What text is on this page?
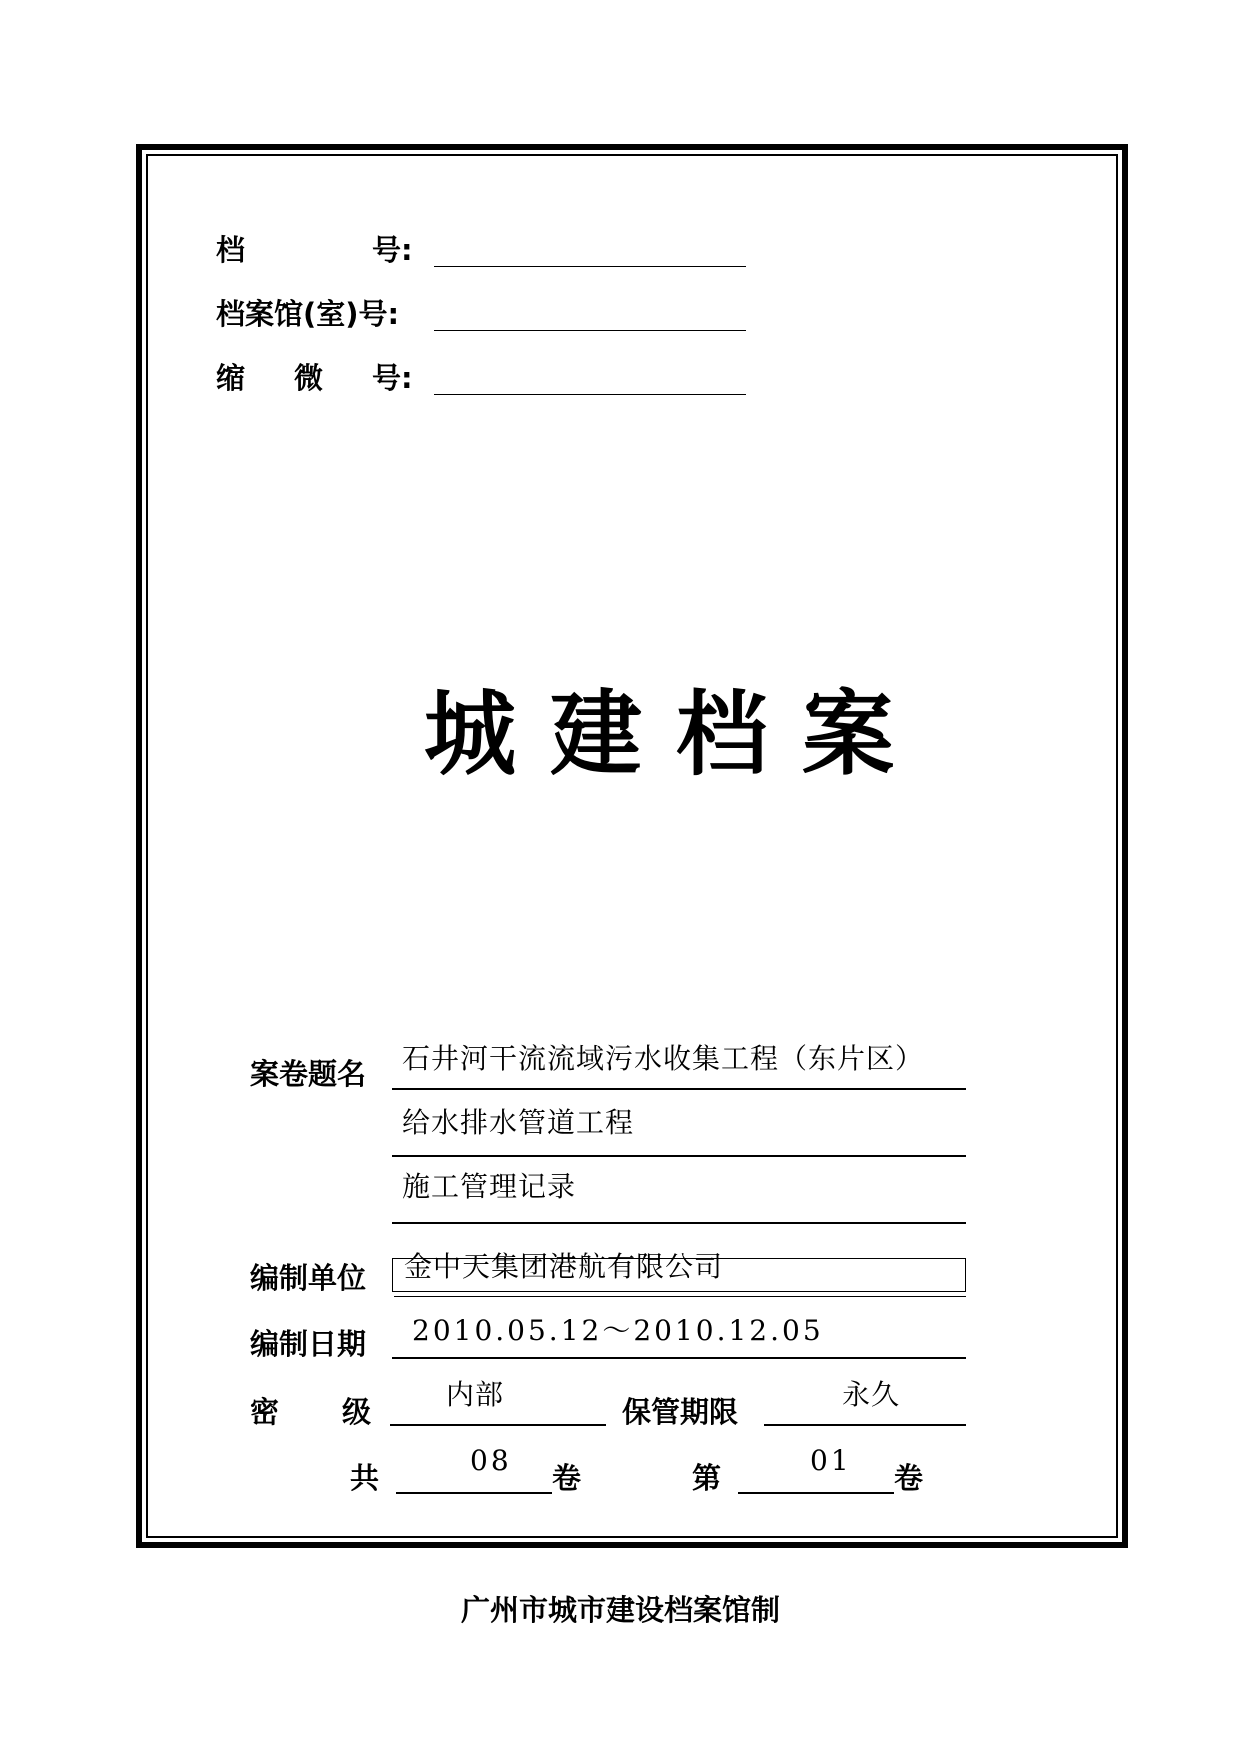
档	号:
档案馆(室)号:
缩 微 号:
城建档案
案卷题名 石井河干流流域污水收集工程（东片区）
给水排水管道工程
施工管理记录
编制单位 金中天集团港航有限公司
编制日期 2010.05.12～2010.12.05
密 级
内部
保管期限
永久
共
08
卷	第
01
卷
广州市城市建设档案馆制
